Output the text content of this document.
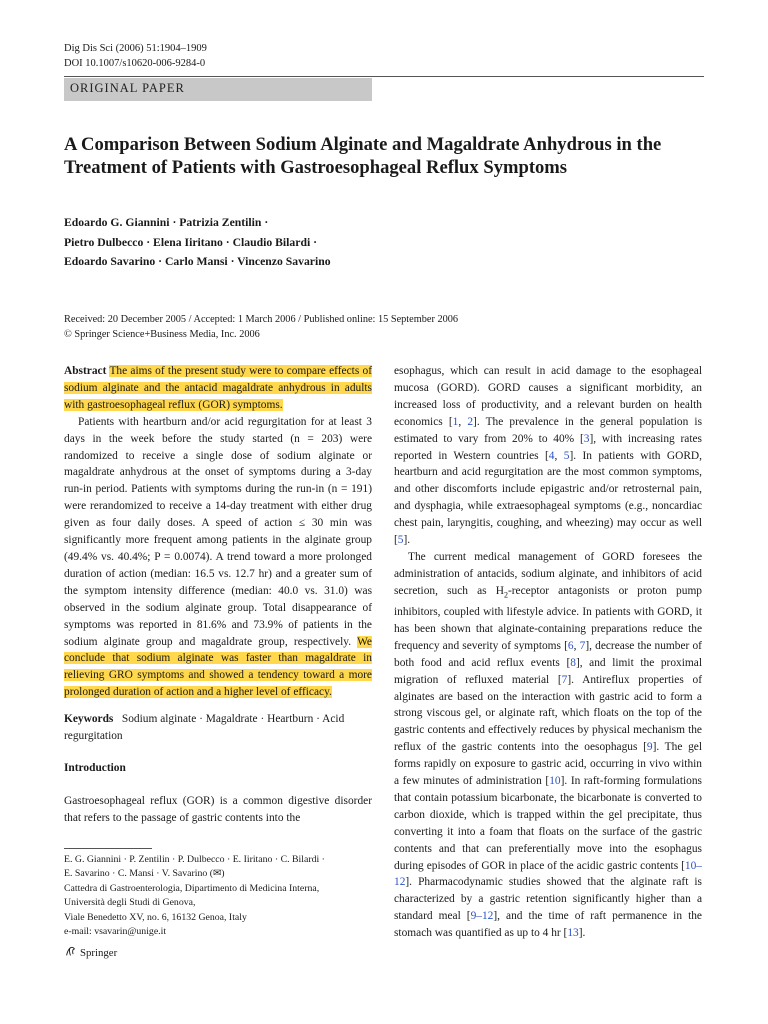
Dig Dis Sci (2006) 51:1904–1909
DOI 10.1007/s10620-006-9284-0
ORIGINAL PAPER
A Comparison Between Sodium Alginate and Magaldrate Anhydrous in the Treatment of Patients with Gastroesophageal Reflux Symptoms
Edoardo G. Giannini · Patrizia Zentilin ·
Pietro Dulbecco · Elena Iiritano · Claudio Bilardi ·
Edoardo Savarino · Carlo Mansi · Vincenzo Savarino
Received: 20 December 2005 / Accepted: 1 March 2006 / Published online: 15 September 2006
© Springer Science+Business Media, Inc. 2006

Abstract The aims of the present study were to compare effects of sodium alginate and the antacid magaldrate anhydrous in adults with gastroesophageal reflux (GOR) symptoms.

Patients with heartburn and/or acid regurgitation for at least 3 days in the week before the study started (n = 203) were randomized to receive a single dose of sodium alginate or magaldrate anhydrous at the onset of symptoms during a 3-day run-in period. Patients with symptoms during the run-in (n = 191) were rerandomized to receive a 14-day treatment with either drug given as four daily doses. A speed of action ≤ 30 min was significantly more frequent among patients in the alginate group (49.4% vs. 40.4%; P = 0.0074). A trend toward a more prolonged duration of action (median: 16.5 vs. 12.7 hr) and a greater sum of the symptom intensity difference (median: 40.0 vs. 31.0) was observed in the sodium alginate group. Total disappearance of symptoms was reported in 81.6% and 73.9% of patients in the sodium alginate group and magaldrate group, respectively. We conclude that sodium alginate was faster than magaldrate in relieving GRO symptoms and showed a tendency toward a more prolonged duration of action and a higher level of efficacy.

Keywords Sodium alginate · Magaldrate · Heartburn · Acid regurgitation

Introduction

Gastroesophageal reflux (GOR) is a common digestive disorder that refers to the passage of gastric contents into the

esophagus, which can result in acid damage to the esophageal mucosa (GORD). GORD causes a significant morbidity, an increased loss of productivity, and a relevant burden on health economics [1, 2]. The prevalence in the general population is estimated to vary from 20% to 40% [3], with increasing rates reported in Western countries [4, 5]. In patients with GORD, heartburn and acid regurgitation are the most common symptoms, and other discomforts include epigastric and/or retrosternal pain, and dysphagia, while extraesophageal symptoms (e.g., noncardiac chest pain, laryngitis, coughing, and wheezing) may occur as well [5].

The current medical management of GORD foresees the administration of antacids, sodium alginate, and inhibitors of acid secretion, such as $H_2$-receptor antagonists or proton pump inhibitors, coupled with lifestyle advice. In patients with GORD, it has been shown that alginate-containing preparations reduce the frequency and severity of symptoms [6, 7], decrease the number of both food and acid reflux events [8], and limit the proximal migration of refluxed material [7]. Antireflux properties of alginates are based on the interaction with gastric acid to form a strong viscous gel, or alginate raft, which floats on the top of the gastric contents and effectively reduces by physical mechanism the reflux of the gastric contents into the oesophagus [9]. The gel forms rapidly on exposure to gastric acid, occurring in vivo within a few minutes of administration [10]. In raft-forming formulations that contain potassium bicarbonate, the bicarbonate is converted to carbon dioxide, which is trapped within the gel precipitate, thus converting it into a foam that floats on the surface of the gastric contents and that can preferentially move into the esophagus during episodes of GOR in place of the acidic gastric contents [10–12]. Pharmacodynamic studies showed that the alginate raft is characterized by a gastric retention significantly higher than a standard meal [9–12], and the time of raft permanence in the stomach was quantified as up to 4 hr [13].

E. G. Giannini · P. Zentilin · P. Dulbecco · E. Iiritano · C. Bilardi ·
E. Savarino · C. Mansi · V. Savarino (✉)
Cattedra di Gastroenterologia, Dipartimento di Medicina Interna,
Università degli Studi di Genova,
Viale Benedetto XV, no. 6, 16132 Genoa, Italy
e-mail: vsavarin@unige.it
Springer
